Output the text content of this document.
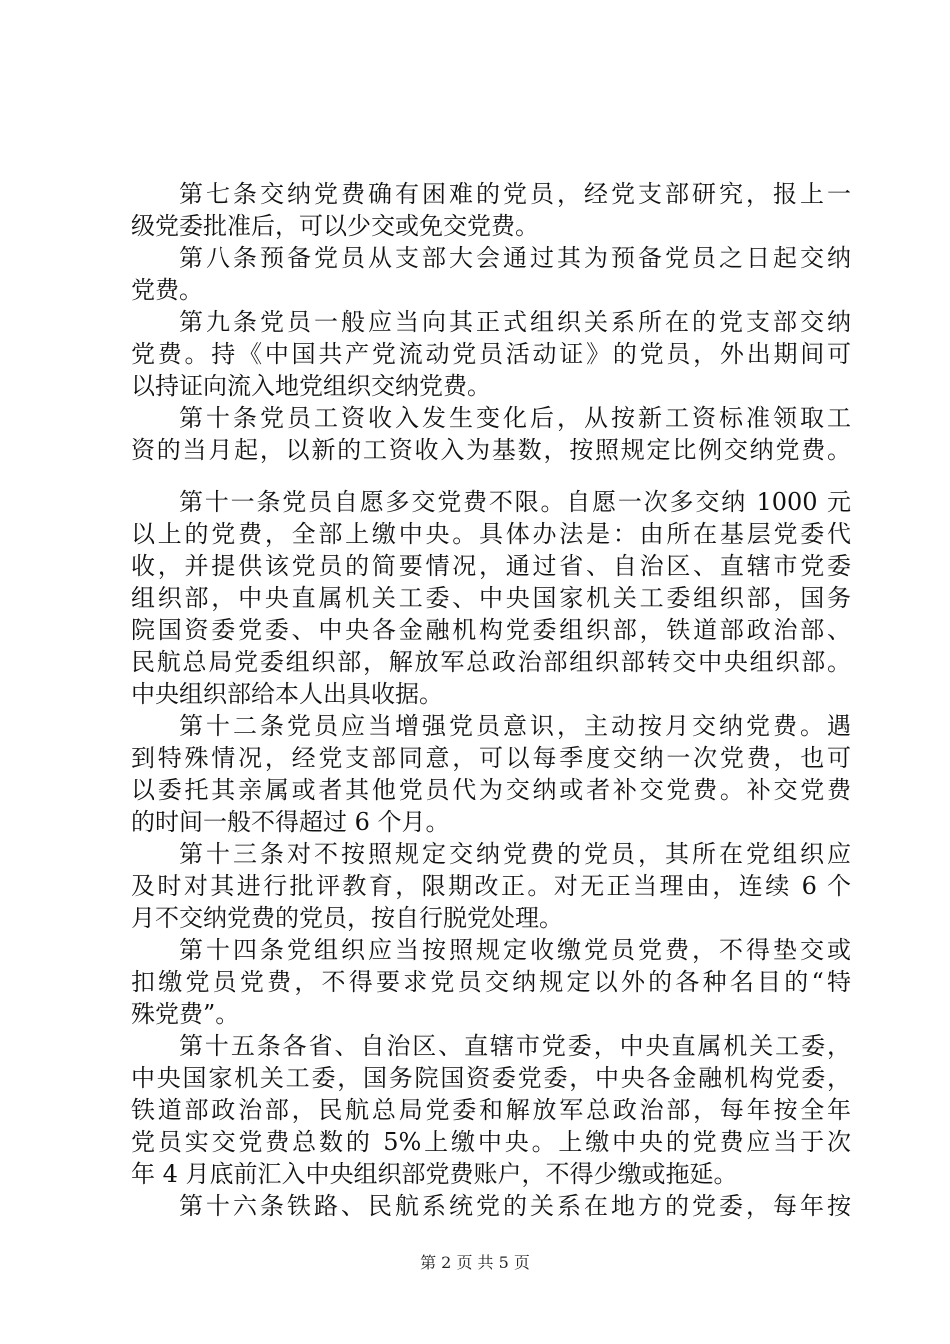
第七条交纳党费确有困难的党员，经党支部研究，报上一
级党委批准后，可以少交或免交党费。
第八条预备党员从支部大会通过其为预备党员之日起交纳
党费。
第九条党员一般应当向其正式组织关系所在的党支部交纳
党费。持《中国共产党流动党员活动证》的党员，外出期间可
以持证向流入地党组织交纳党费。
第十条党员工资收入发生变化后，从按新工资标准领取工
资的当月起，以新的工资收入为基数，按照规定比例交纳党费。
第十一条党员自愿多交党费不限。自愿一次多交纳 1000 元
以上的党费，全部上缴中央。具体办法是：由所在基层党委代
收，并提供该党员的简要情况，通过省、自治区、直辖市党委
组织部，中央直属机关工委、中央国家机关工委组织部，国务
院国资委党委、中央各金融机构党委组织部，铁道部政治部、
民航总局党委组织部，解放军总政治部组织部转交中央组织部。
中央组织部给本人出具收据。
第十二条党员应当增强党员意识，主动按月交纳党费。遇
到特殊情况，经党支部同意，可以每季度交纳一次党费，也可
以委托其亲属或者其他党员代为交纳或者补交党费。补交党费
的时间一般不得超过 6 个月。
第十三条对不按照规定交纳党费的党员，其所在党组织应
及时对其进行批评教育，限期改正。对无正当理由，连续 6 个
月不交纳党费的党员，按自行脱党处理。
第十四条党组织应当按照规定收缴党员党费，不得垫交或
扣缴党员党费，不得要求党员交纳规定以外的各种名目的“特
殊党费”。
第十五条各省、自治区、直辖市党委，中央直属机关工委，
中央国家机关工委，国务院国资委党委，中央各金融机构党委，
铁道部政治部，民航总局党委和解放军总政治部，每年按全年
党员实交党费总数的 5%上缴中央。上缴中央的党费应当于次
年 4 月底前汇入中央组织部党费账户，不得少缴或拖延。
第十六条铁路、民航系统党的关系在地方的党委，每年按
第 2 页 共 5 页
